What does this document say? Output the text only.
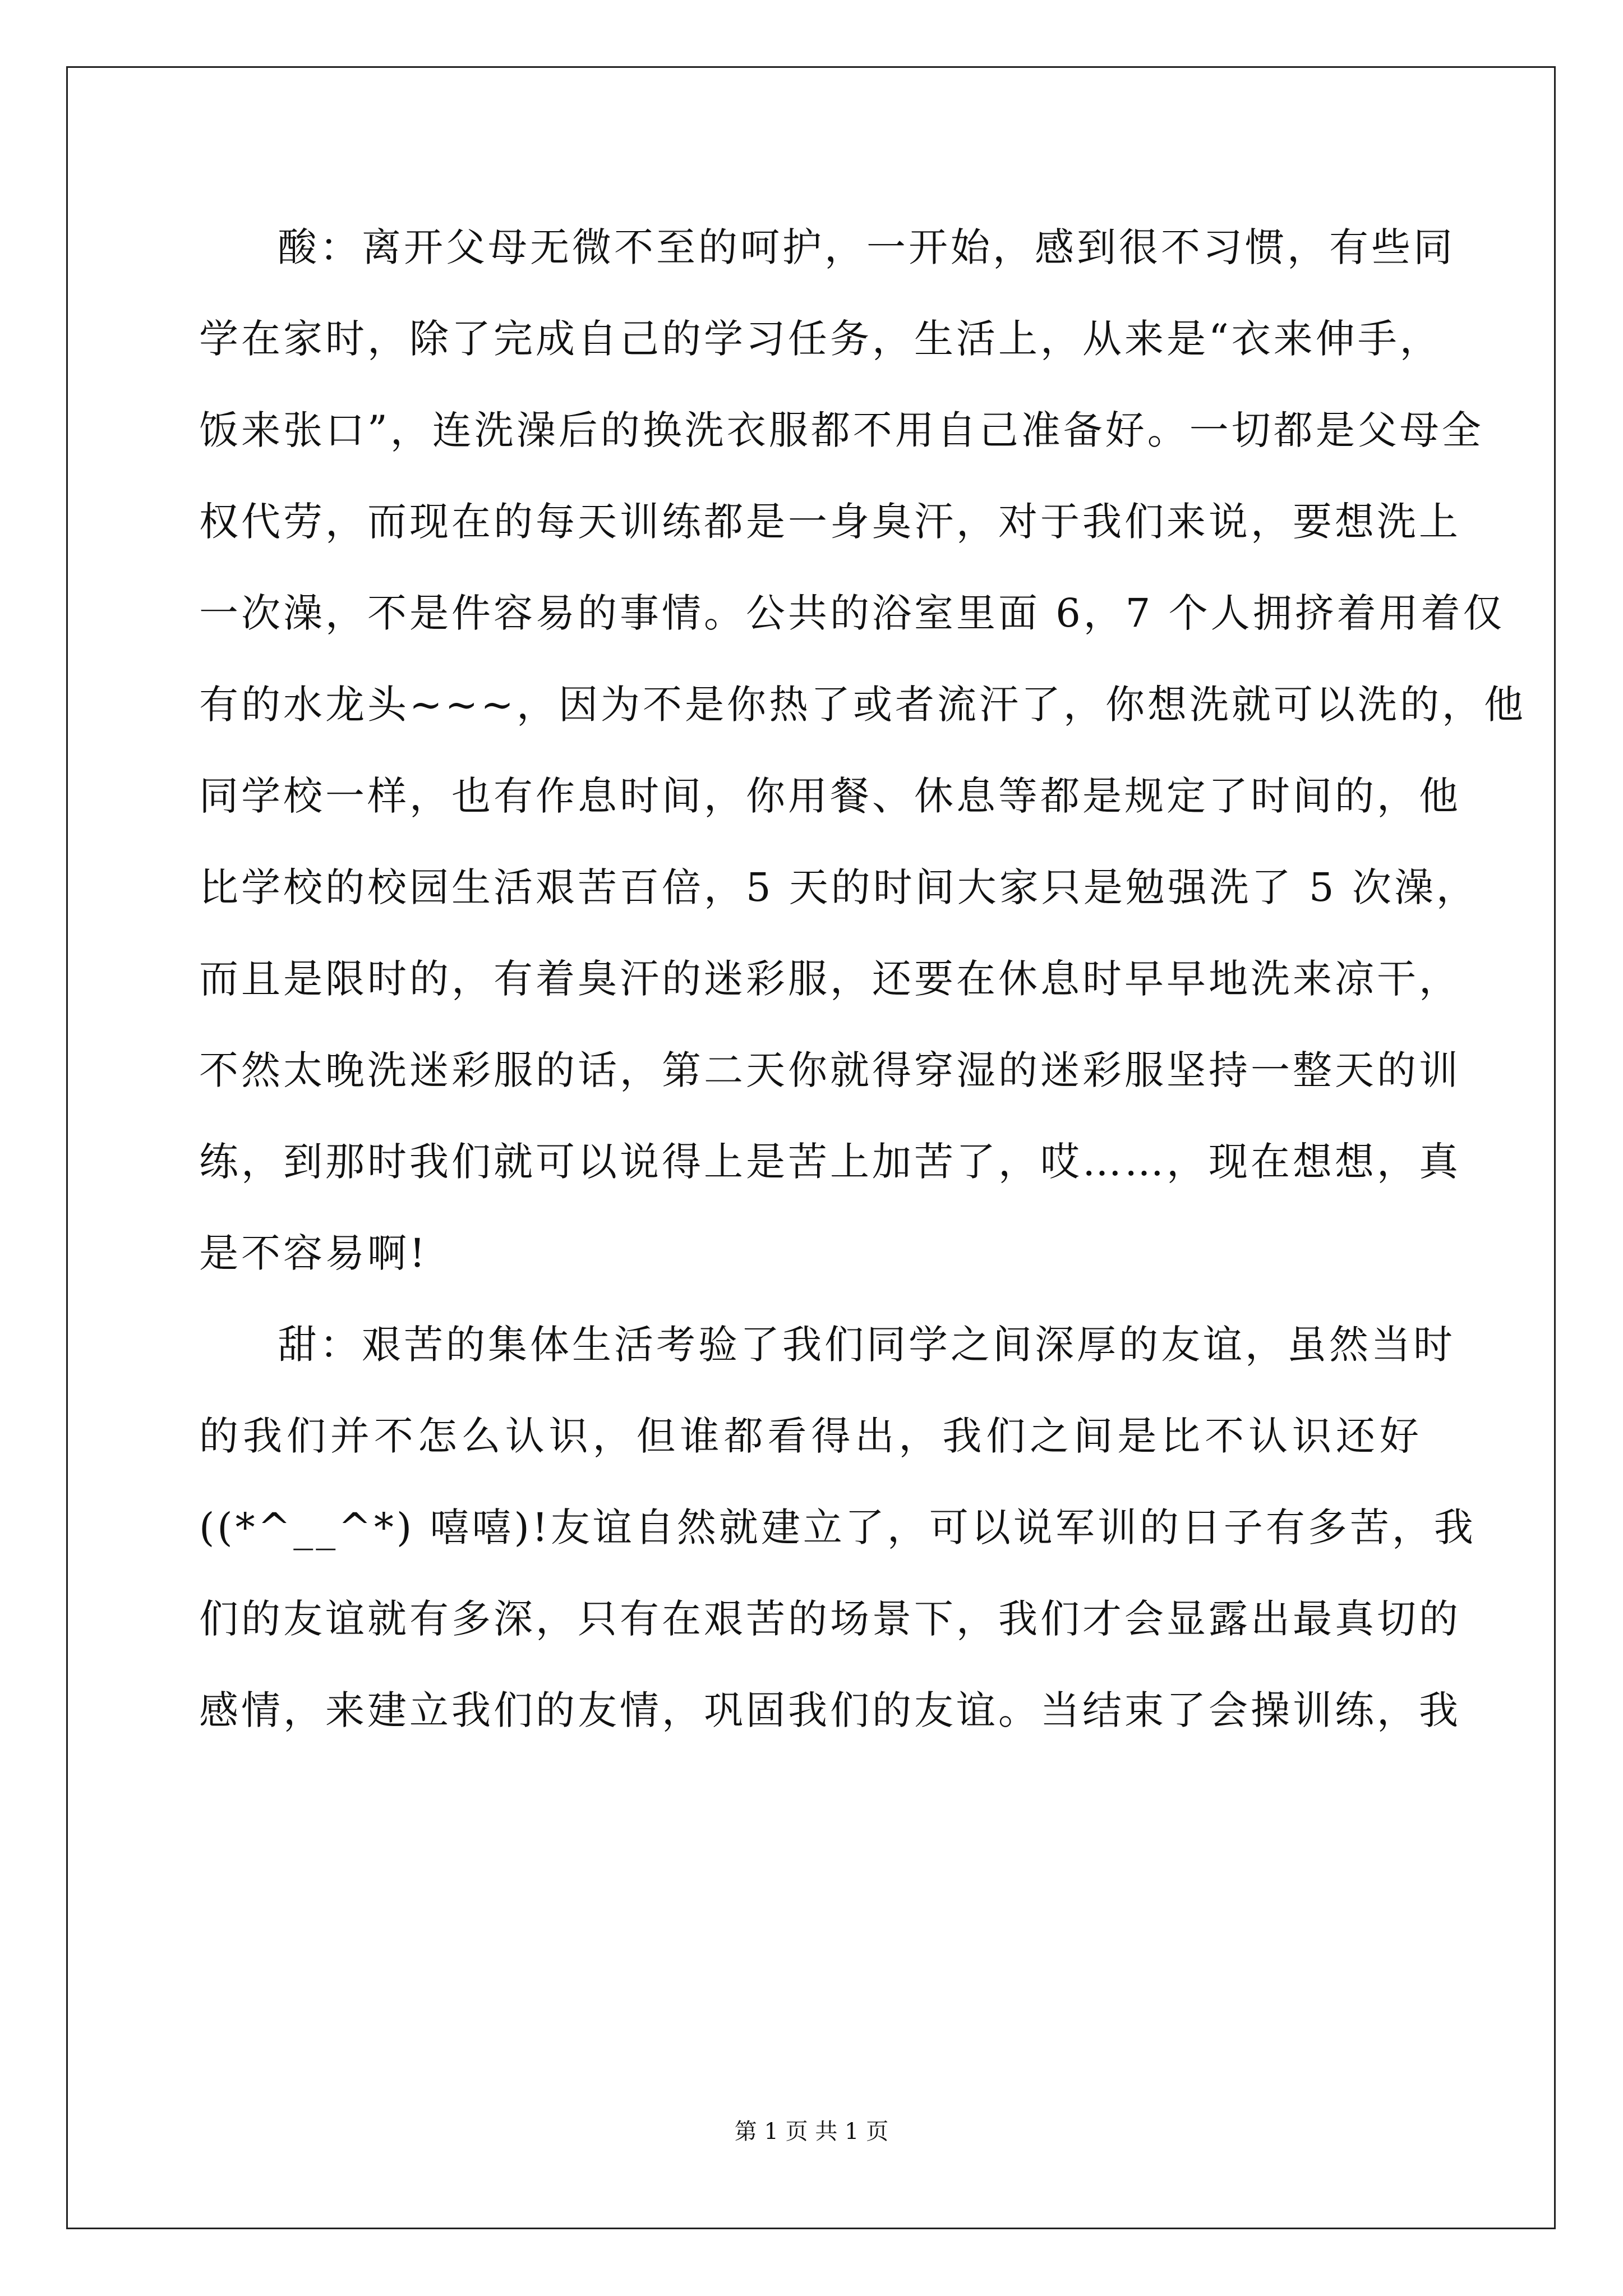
酸：离开父母无微不至的呵护，一开始，感到很不习惯，有些同
学在家时，除了完成自己的学习任务，生活上，从来是“衣来伸手，
饭来张口”，连洗澡后的换洗衣服都不用自己准备好。一切都是父母全
权代劳，而现在的每天训练都是一身臭汗，对于我们来说，要想洗上
一次澡，不是件容易的事情。公共的浴室里面 6，7 个人拥挤着用着仅
有的水龙头~~~，因为不是你热了或者流汗了，你想洗就可以洗的，他
同学校一样，也有作息时间，你用餐、休息等都是规定了时间的，他
比学校的校园生活艰苦百倍，5 天的时间大家只是勉强洗了 5 次澡，
而且是限时的，有着臭汗的迷彩服，还要在休息时早早地洗来凉干，
不然太晚洗迷彩服的话，第二天你就得穿湿的迷彩服坚持一整天的训
练，到那时我们就可以说得上是苦上加苦了，哎……，现在想想，真
是不容易啊!
甜：艰苦的集体生活考验了我们同学之间深厚的友谊，虽然当时
的我们并不怎么认识，但谁都看得出，我们之间是比不认识还好
((*^__^*) 嘻嘻)!友谊自然就建立了，可以说军训的日子有多苦，我
们的友谊就有多深，只有在艰苦的场景下，我们才会显露出最真切的
感情，来建立我们的友情，巩固我们的友谊。当结束了会操训练，我
第 1 页 共 1 页
